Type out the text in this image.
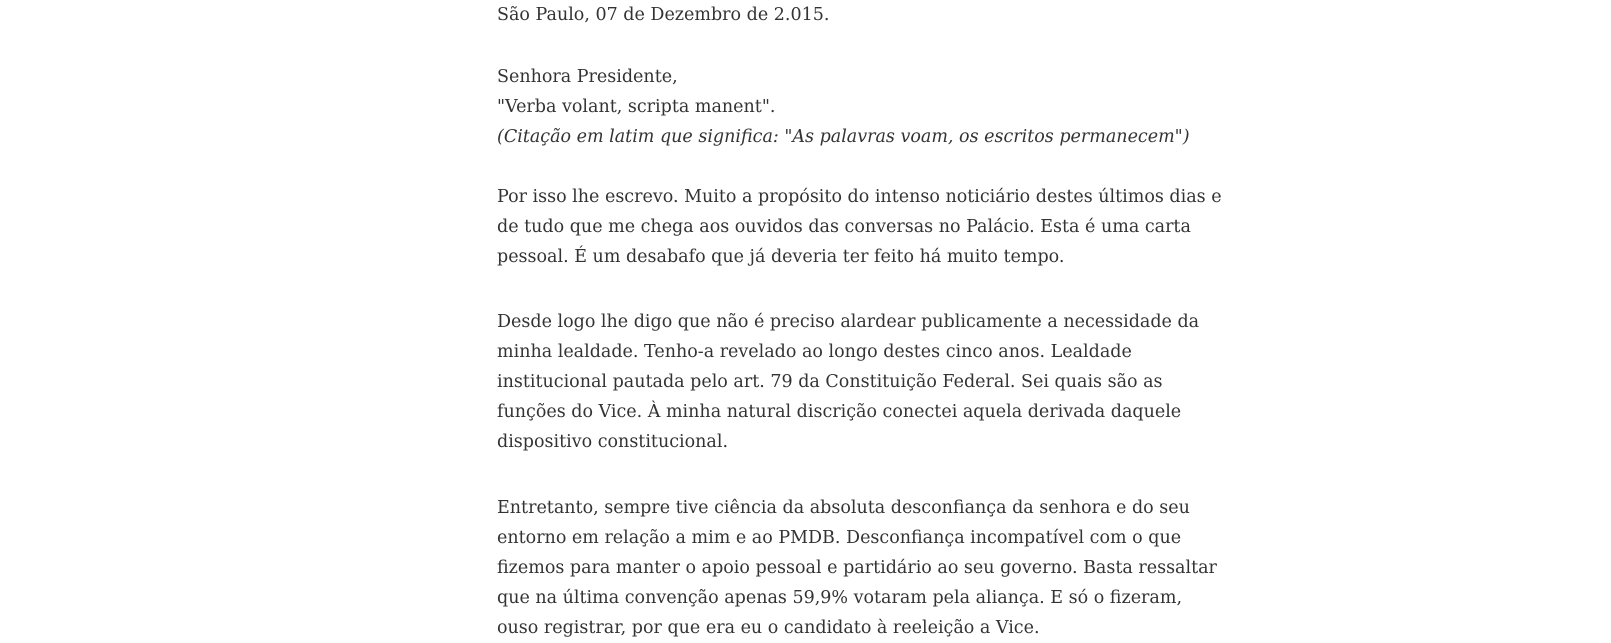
São Paulo, 07 de Dezembro de 2.015.

Senhora Presidente,

"Verba volant, scripta manent".

(Citação em latim que significa: "As palavras voam, os escritos permanecem")

Por isso lhe escrevo. Muito a propósito do intenso noticiário destes últimos dias e
de tudo que me chega aos ouvidos das conversas no Palácio. Esta é uma carta
pessoal. É um desabafo que já deveria ter feito há muito tempo.

Desde logo lhe digo que não é preciso alardear publicamente a necessidade da
minha lealdade. Tenho-a revelado ao longo destes cinco anos. Lealdade
institucional pautada pelo art. 79 da Constituição Federal. Sei quais são as
funções do Vice. À minha natural discrição conectei aquela derivada daquele
dispositivo constitucional.

Entretanto, sempre tive ciência da absoluta desconfiança da senhora e do seu
entorno em relação a mim e ao PMDB. Desconfiança incompatível com o que
fizemos para manter o apoio pessoal e partidário ao seu governo. Basta ressaltar
que na última convenção apenas 59,9% votaram pela aliança. E só o fizeram,
ouso registrar, por que era eu o candidato à reeleição a Vice.
